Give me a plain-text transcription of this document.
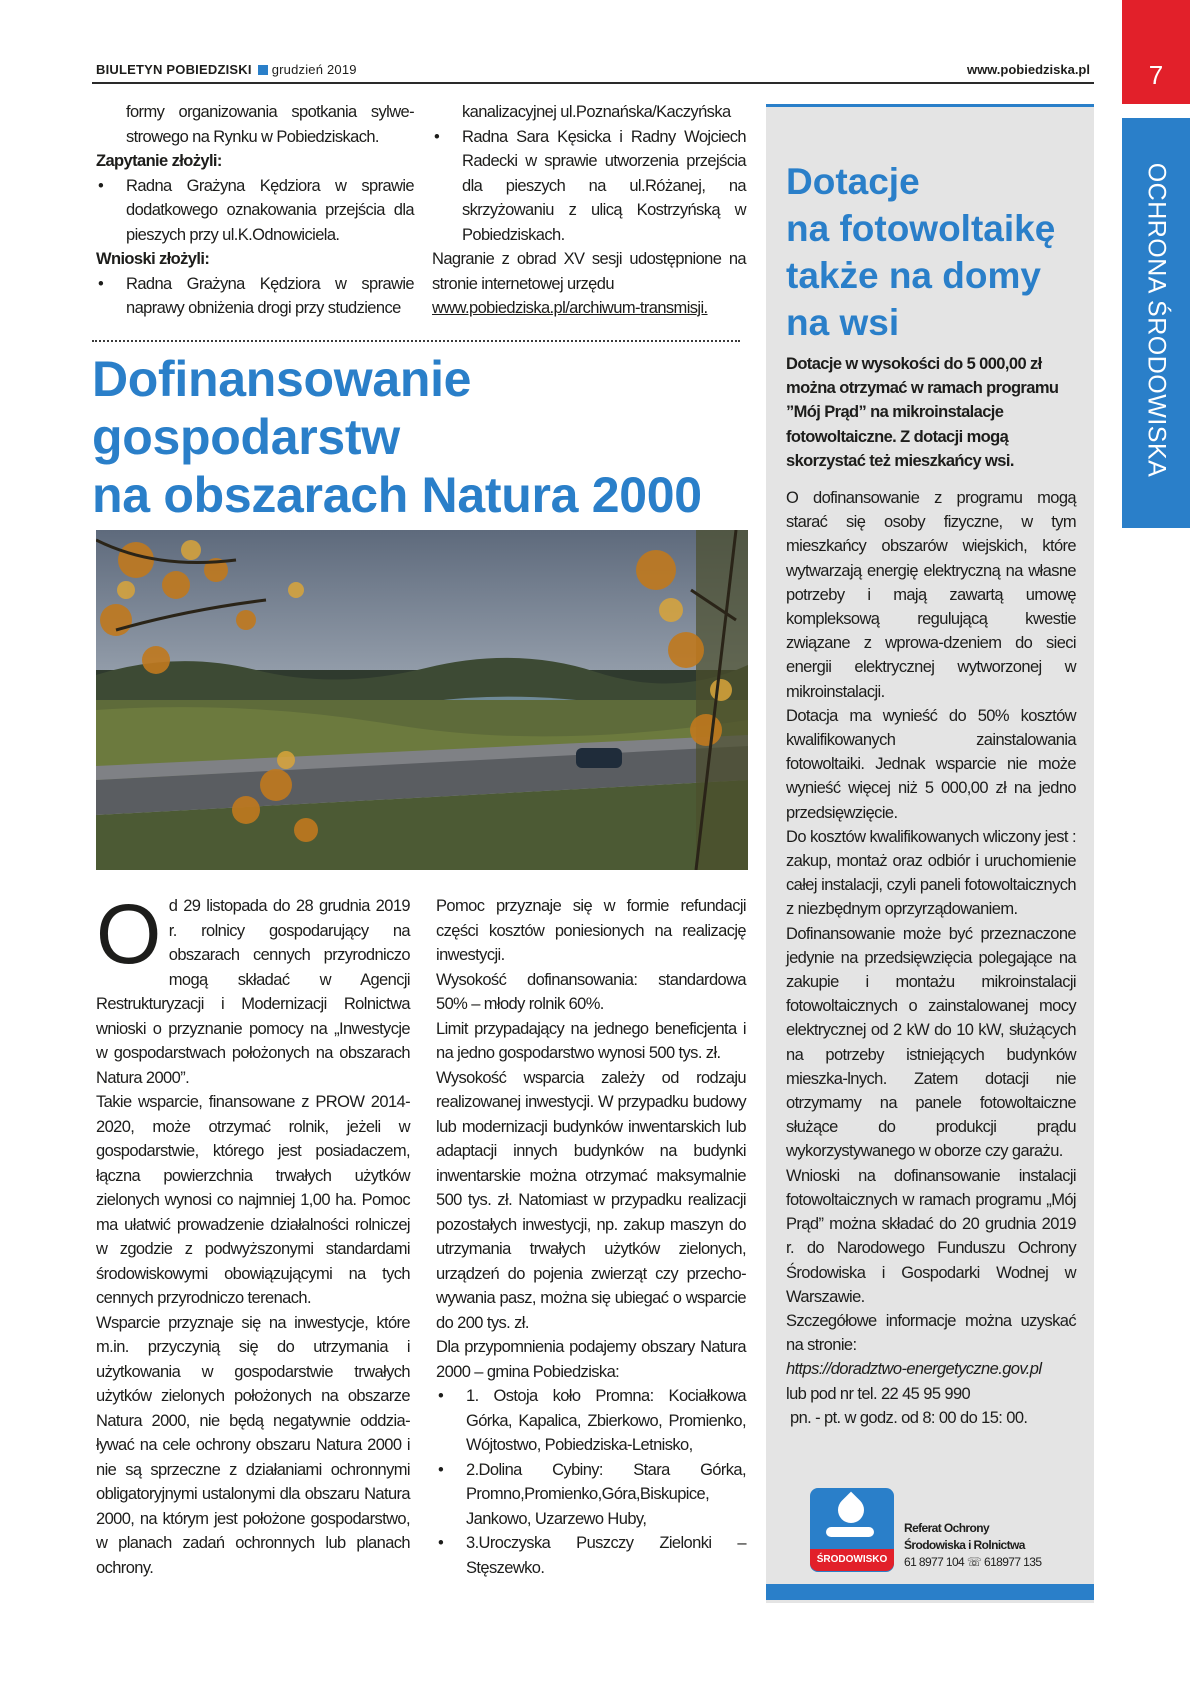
BIULETYN POBIEDZISKI grudzień 2019	www.pobiedziska.pl	7
OCHRONA ŚRODOWISKA

formy organizowania spotkania sylwe-strowego na Rynku w Pobiedziskach.

Zapytanie złożyli:

• Radna Grażyna Kędziora w sprawie dodatkowego oznakowania przejścia dla pieszych przy ul.K.Odnowiciela.

Wnioski złożyli:

• Radna Grażyna Kędziora w sprawie naprawy obniżenia drogi przy studzience

kanalizacyjnej ul.Poznańska/Kaczyńska

• Radna Sara Kęsicka i Radny Wojciech Radecki w sprawie utworzenia przejścia dla pieszych na ul.Różanej, na skrzyżowaniu z ulicą Kostrzyńską w Pobiedziskach.

Nagranie z obrad XV sesji udostępnione na stronie internetowej urzędu

www.pobiedziska.pl/archiwum-transmisji.

Dofinansowanie
gospodarstw
na obszarach Natura 2000

Od 29 listopada do 28 grudnia 2019 r. rolnicy gospodarujący na obszarach cennych przyrodniczo mogą składać w Agencji Restrukturyzacji i Modernizacji Rolnictwa wnioski o przyznanie pomocy na „Inwestycje w gospodarstwach położonych na obszarach Natura 2000”.

Takie wsparcie, finansowane z PROW 2014-2020, może otrzymać rolnik, jeżeli w gospodarstwie, którego jest posiadaczem, łączna powierzchnia trwałych użytków zielonych wynosi co najmniej 1,00 ha. Pomoc ma ułatwić prowadzenie działalności rolniczej w zgodzie z podwyższonymi standardami środowiskowymi obowiązującymi na tych cennych przyrodniczo terenach.

Wsparcie przyznaje się na inwestycje, które m.in. przyczynią się do utrzymania i użytkowania w gospodarstwie trwałych użytków zielonych położonych na obszarze Natura 2000, nie będą negatywnie oddzia-ływać na cele ochrony obszaru Natura 2000 i nie są sprzeczne z działaniami ochronnymi obligatoryjnymi ustalonymi dla obszaru Natura 2000, na którym jest położone gospodarstwo, w planach zadań ochronnych lub planach ochrony.

Pomoc przyznaje się w formie refundacji części kosztów poniesionych na realizację inwestycji.

Wysokość dofinansowania: standardowa 50% – młody rolnik 60%.

Limit przypadający na jednego beneficjenta i na jedno gospodarstwo wynosi 500 tys. zł.

Wysokość wsparcia zależy od rodzaju realizowanej inwestycji. W przypadku budowy lub modernizacji budynków inwentarskich lub adaptacji innych budynków na budynki inwentarskie można otrzymać maksymalnie 500 tys. zł. Natomiast w przypadku realizacji pozostałych inwestycji, np. zakup maszyn do utrzymania trwałych użytków zielonych, urządzeń do pojenia zwierząt czy przecho-wywania pasz, można się ubiegać o wsparcie do 200 tys. zł.

Dla przypomnienia podajemy obszary Natura 2000 – gmina Pobiedziska:

• 1. Ostoja koło Promna: Kociałkowa Górka, Kapalica, Zbierkowo, Promienko, Wójtostwo, Pobiedziska-Letnisko,

• 2.Dolina Cybiny: Stara Górka, Promno,Promienko,Góra,Biskupice, Jankowo, Uzarzewo Huby,

• 3.Uroczyska Puszczy Zielonki – Stęszewko.

Dotacje
na fotowoltaikę
także na domy
na wsi
Dotacje w wysokości do 5 000,00 zł można otrzymać w ramach programu ”Mój Prąd” na mikroinstalacje fotowoltaiczne. Z dotacji mogą skorzystać też mieszkańcy wsi.

O dofinansowanie z programu mogą starać się osoby fizyczne, w tym mieszkańcy obszarów wiejskich, które wytwarzają energię elektryczną na własne potrzeby i mają zawartą umowę kompleksową regulującą kwestie związane z wprowa-dzeniem do sieci energii elektrycznej wytworzonej w mikroinstalacji.

Dotacja ma wynieść do 50% kosztów kwalifikowanych zainstalowania fotowoltaiki. Jednak wsparcie nie może wynieść więcej niż 5 000,00 zł na jedno przedsięwzięcie.

Do kosztów kwalifikowanych wliczony jest : zakup, montaż oraz odbiór i uruchomienie całej instalacji, czyli paneli fotowoltaicznych z niezbędnym oprzyrządowaniem.

Dofinansowanie może być przeznaczone jedynie na przedsięwzięcia polegające na zakupie i montażu mikroinstalacji fotowoltaicznych o zainstalowanej mocy elektrycznej od 2 kW do 10 kW, służących na potrzeby istniejących budynków mieszka-lnych. Zatem dotacji nie otrzymamy na panele fotowoltaiczne służące do produkcji prądu wykorzystywanego w oborze czy garażu.

Wnioski na dofinansowanie instalacji fotowoltaicznych w ramach programu „Mój Prąd” można składać do 20 grudnia 2019 r. do Narodowego Funduszu Ochrony Środowiska i Gospodarki Wodnej w Warszawie.

Szczegółowe informacje można uzyskać na stronie:

https://doradztwo-energetyczne.gov.pl

lub pod nr tel. 22 45 95 990

pn. - pt. w godz. od 8: 00 do 15: 00.

ŚRODOWISKO
Referat Ochrony
Środowiska i Rolnictwa
61 8977 104 ☏ 618977 135
